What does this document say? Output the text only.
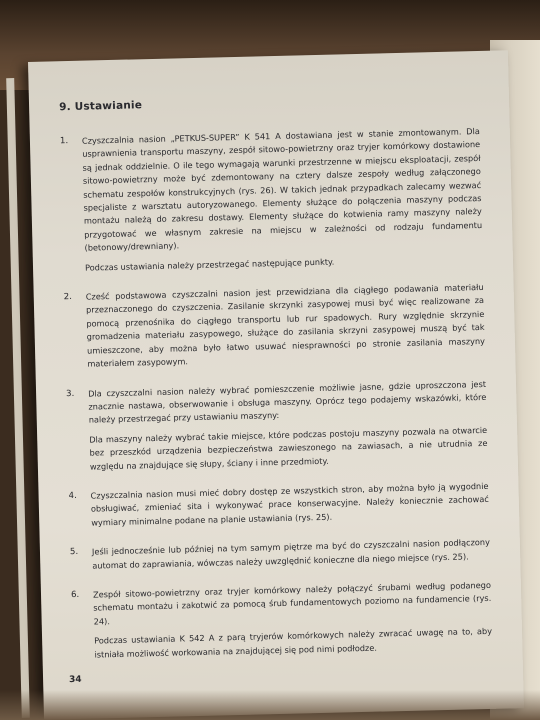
9. Ustawianie
1.	Czyszczalnia nasion „PETKUS-SUPER” K 541 A dostawiana jest w stanie zmontowanym. Dla usprawnienia transportu maszyny, zespół sitowo-powietrzny oraz tryjer komórkowy dostawione są jednak oddzielnie. O ile tego wymagają warunki przestrzenne w miejscu eksploatacji, zespół sitowo-powietrzny może być zdemontowany na cztery dalsze zespoły według załączonego schematu zespołów konstrukcyjnych (rys. 26). W takich jednak przypadkach zalecamy wezwać specjaliste z warsztatu autoryzowanego. Elementy służące do połączenia maszyny podczas montażu należą do zakresu dostawy. Elementy służące do kotwienia ramy maszyny należy przygotować we własnym zakresie na miejscu w zależności od rodzaju fundamentu (betonowy/drewniany).

Podczas ustawiania należy przestrzegać następujące punkty.

2.	Cześć podstawowa czyszczalni nasion jest przewidziana dla ciągłego podawania materiału przeznaczonego do czyszczenia. Zasilanie skrzynki zasypowej musi być więc realizowane za pomocą przenośnika do ciągłego transportu lub rur spadowych. Rury względnie skrzynie gromadzenia materiału zasypowego, służące do zasilania skrzyni zasypowej muszą być tak umieszczone, aby można było łatwo usuwać niesprawności po stronie zasilania maszyny materiałem zasypowym.

3.	Dla czyszczalni nasion należy wybrać pomieszczenie możliwie jasne, gdzie uproszczona jest znacznie nastawa, obserwowanie i obsługa maszyny. Oprócz tego podajemy wskazówki, które należy przestrzegać przy ustawianiu maszyny:

Dla maszyny należy wybrać takie miejsce, które podczas postoju maszyny pozwala na otwarcie bez przeszkód urządzenia bezpieczeństwa zawieszonego na zawiasach, a nie utrudnia ze względu na znajdujące się słupy, ściany i inne przedmioty.

4.	Czyszczalnia nasion musi mieć dobry dostęp ze wszystkich stron, aby można było ją wygodnie obsługiwać, zmieniać sita i wykonywać prace konserwacyjne. Należy koniecznie zachować wymiary minimalne podane na planie ustawiania (rys. 25).

5.	Jeśli jednocześnie lub później na tym samym piętrze ma być do czyszczalni nasion podłączony automat do zaprawiania, wówczas należy uwzględnić konieczne dla niego miejsce (rys. 25).

6.	Zespół sitowo-powietrzny oraz tryjer komórkowy należy połączyć śrubami według podanego schematu montażu i zakotwić za pomocą śrub fundamentowych poziomo na fundamencie (rys. 24).

Podczas ustawiania K 542 A z parą tryjerów komórkowych należy zwracać uwagę na to, aby istniała możliwość workowania na znajdującej się pod nimi podłodze.

34
